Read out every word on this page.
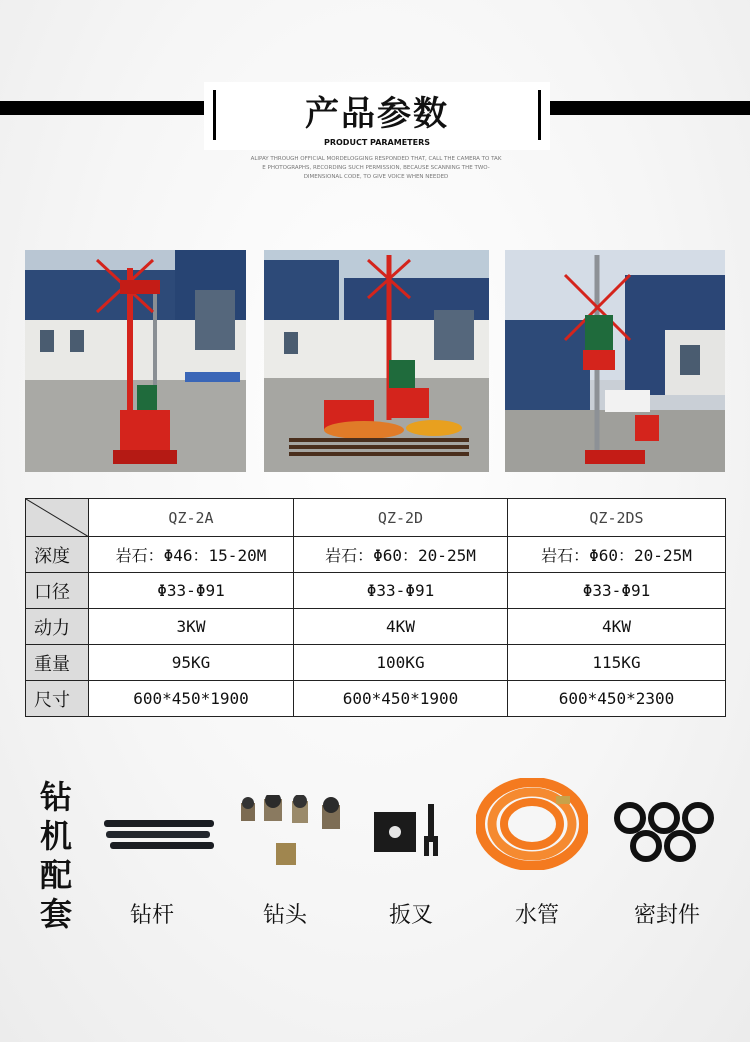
产品参数
PRODUCT PARAMETERS
ALIPAY THROUGH OFFICIAL MORDELOGGING RESPONDED THAT, CALL THE CAMERA TO TAK
E PHOTOGRAPHS, RECORDING SUCH PERMISSION, BECAUSE SCANNING THE TWO-
DIMENSIONAL CODE, TO GIVE VOICE WHEN NEEDED
	QZ-2A	QZ-2D	QZ-2DS
深度	岩石：Φ46：15-20M	岩石：Φ60：20-25M	岩石：Φ60：20-25M
口径	Φ33-Φ91	Φ33-Φ91	Φ33-Φ91
动力	3KW	4KW	4KW
重量	95KG	100KG	115KG
尺寸	600*450*1900	600*450*1900	600*450*2300
钻
机
配
套	钻杆	钻头	扳叉	水管	密封件
